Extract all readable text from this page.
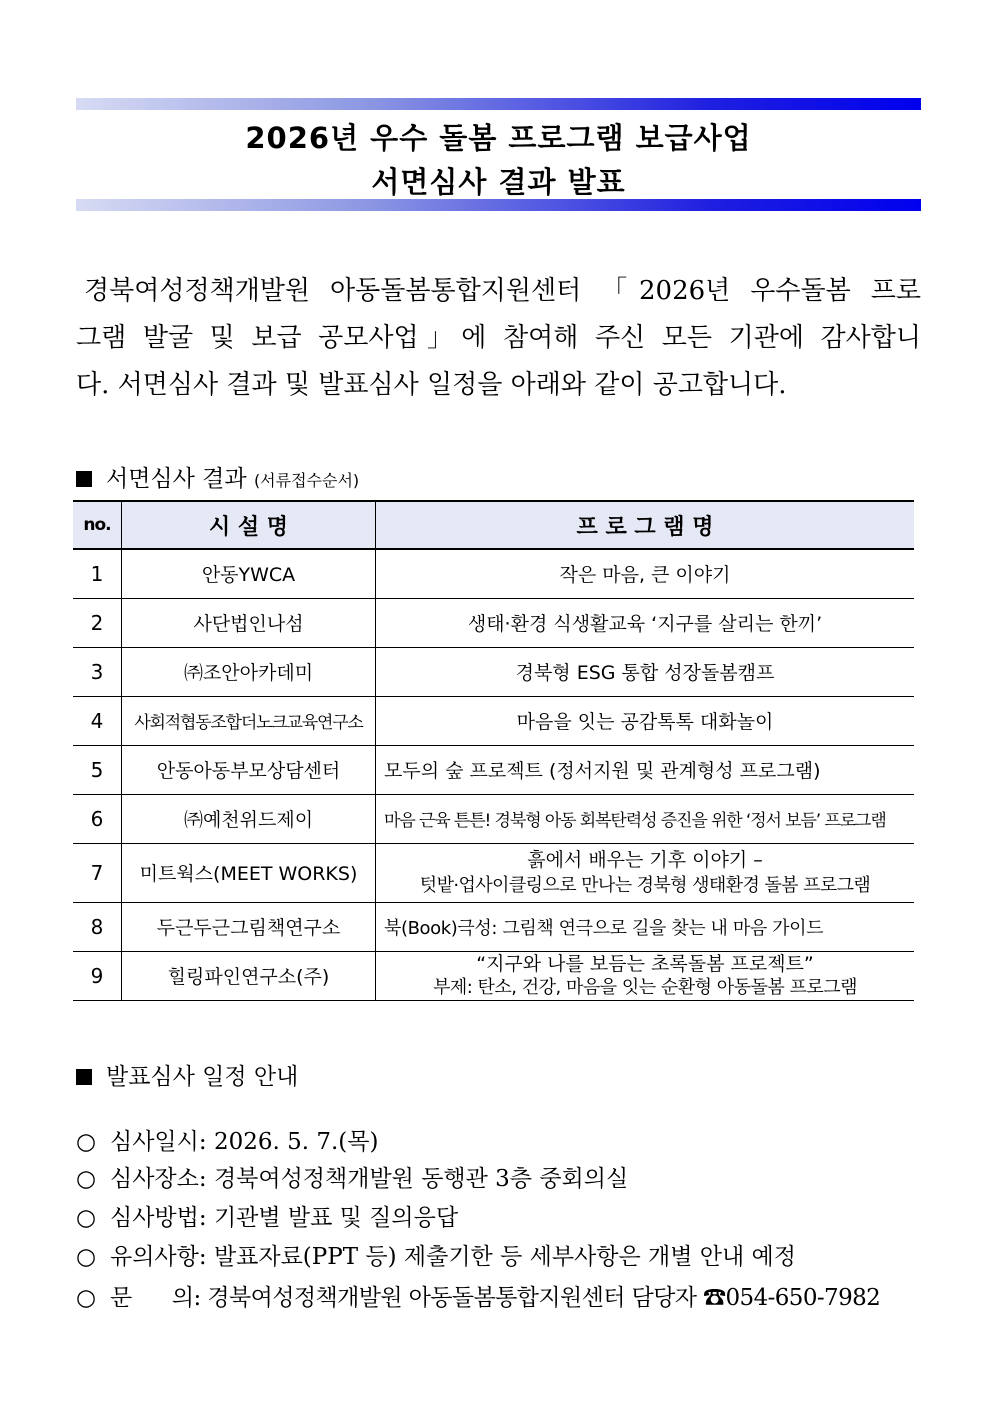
2026년 우수 돌봄 프로그램 보급사업
서면심사 결과 발표
경북여성정책개발원 아동돌봄통합지원센터 「2026년 우수돌봄 프로
그램 발굴 및 보급 공모사업」에 참여해 주신 모든 기관에 감사합니
다. 서면심사 결과 및 발표심사 일정을 아래와 같이 공고합니다.
서면심사 결과 (서류접수순서)
no.	시 설 명	프 로 그 램 명
1	안동YWCA	작은 마음, 큰 이야기
2	사단법인나섬	생태·환경 식생활교육 ‘지구를 살리는 한끼’
3	㈜조안아카데미	경북형 ESG 통합 성장돌봄캠프
4	사회적협동조합더노크교육연구소	마음을 잇는 공감톡톡 대화놀이
5	안동아동부모상담센터	모두의 숲 프로젝트 (정서지원 및 관계형성 프로그램)
6	㈜예천위드제이	마음 근육 튼튼! 경북형 아동 회복탄력성 증진을 위한 ‘정서 보듬’ 프로그램
7	미트웍스(MEET WORKS)	흙에서 배우는 기후 이야기 –
텃밭·업사이클링으로 만나는 경북형 생태환경 돌봄 프로그램

8	두근두근그림책연구소	북(Book)극성: 그림책 연극으로 길을 찾는 내 마음 가이드
9	힐링파인연구소(주)	“지구와 나를 보듬는 초록돌봄 프로젝트”
부제: 탄소, 건강, 마음을 잇는 순환형 아동돌봄 프로그램
발표심사 일정 안내
○ 심사일시: 2026. 5. 7.(목)
○ 심사장소: 경북여성정책개발원 동행관 3층 중회의실
○ 심사방법: 기관별 발표 및 질의응답
○ 유의사항: 발표자료(PPT 등) 제출기한 등 세부사항은 개별 안내 예정
○ 문      의: 경북여성정책개발원 아동돌봄통합지원센터 담당자 ☎054-650-7982
